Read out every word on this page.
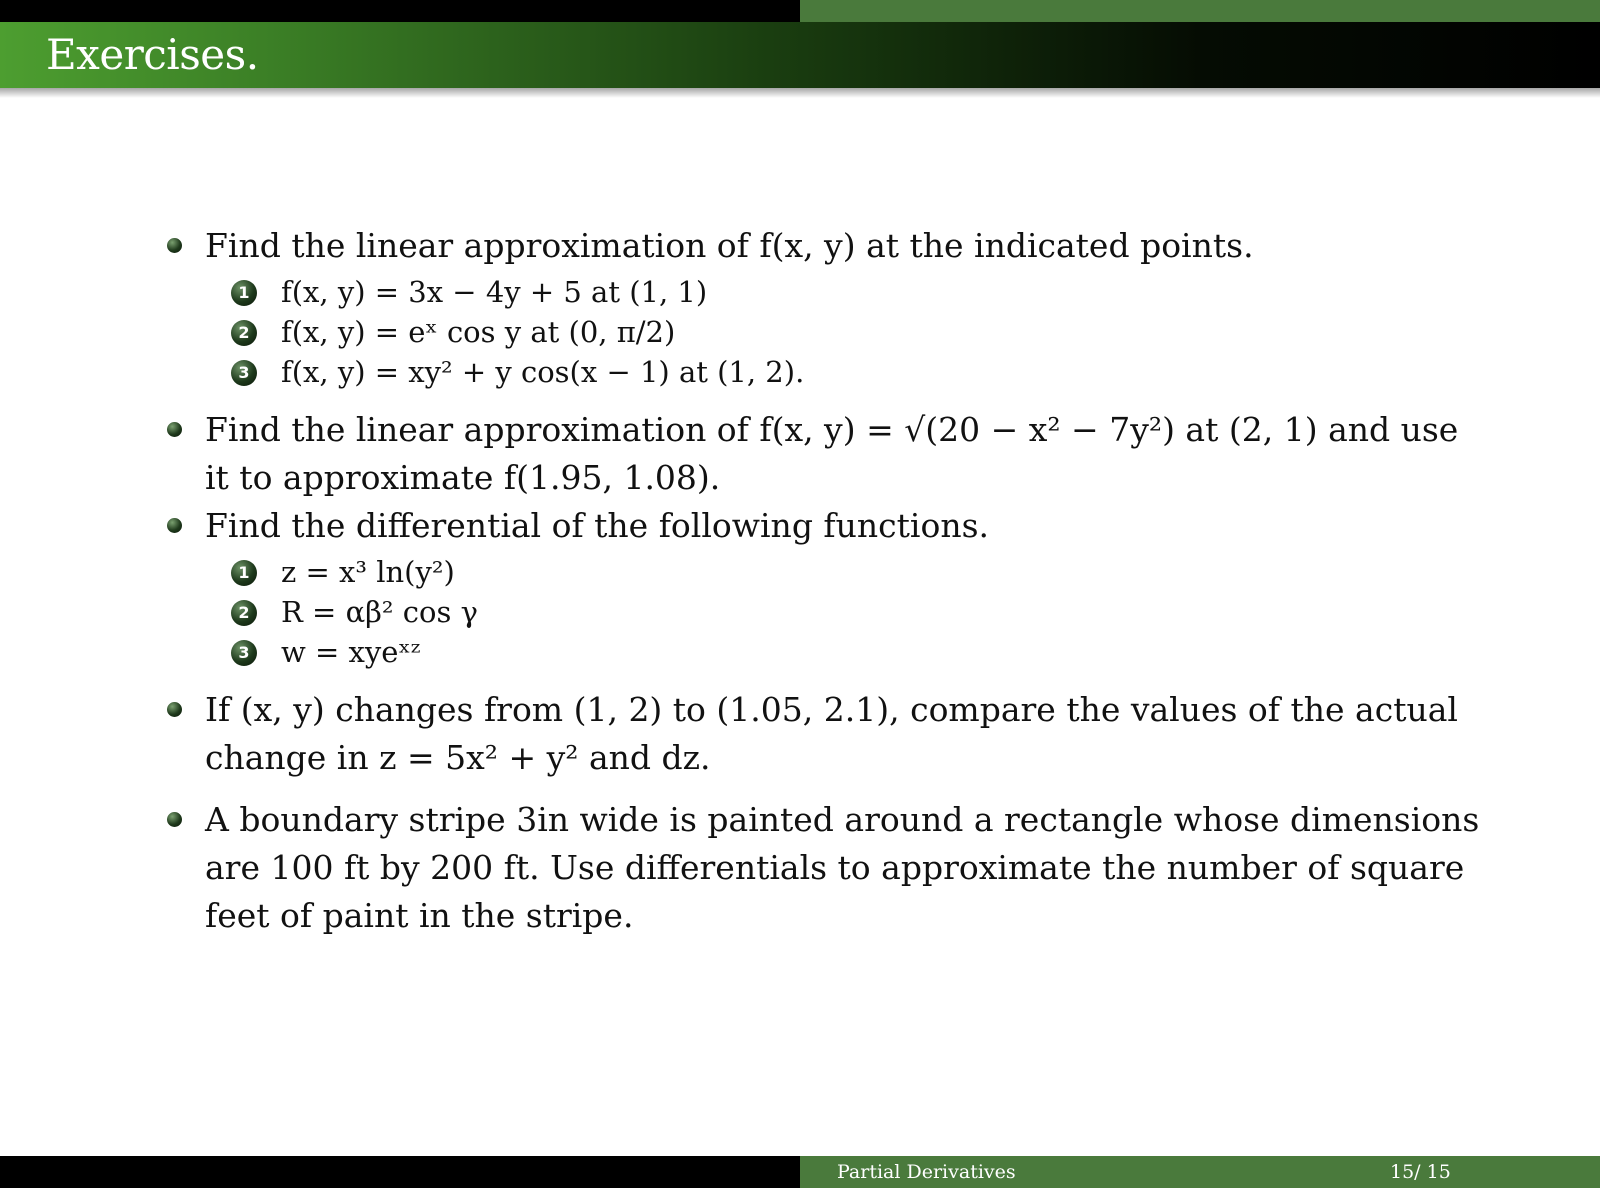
Exercises.
Find the linear approximation of f(x, y) at the indicated points.
1 f(x, y) = 3x − 4y + 5 at (1, 1)
2 f(x, y) = eˣ cos y at (0, π/2)
3 f(x, y) = xy² + y cos(x − 1) at (1, 2).
Find the linear approximation of f(x, y) = √(20 − x² − 7y²) at (2, 1) and use it to approximate f(1.95, 1.08).
Find the differential of the following functions.
1 z = x³ ln(y²)
2 R = αβ² cos γ
3 w = xyeˣᶻ
If (x, y) changes from (1, 2) to (1.05, 2.1), compare the values of the actual change in z = 5x² + y² and dz.
A boundary stripe 3in wide is painted around a rectangle whose dimensions are 100 ft by 200 ft. Use differentials to approximate the number of square feet of paint in the stripe.
Partial Derivatives	15/ 15
